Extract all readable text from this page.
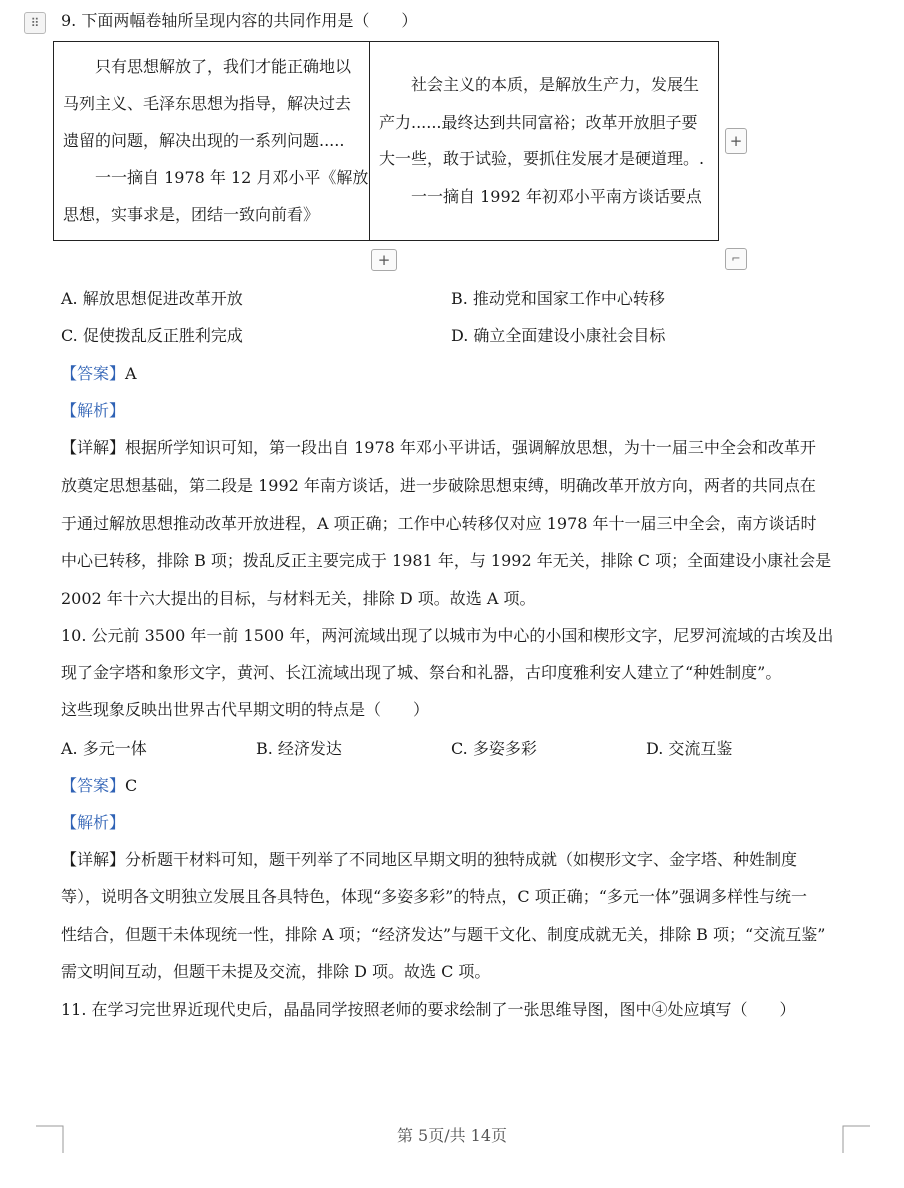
⠿	9. 下面两幅卷轴所呈现内容的共同作用是（　　）
　　只有思想解放了，我们才能正确地以
马列主义、毛泽东思想为指导，解决过去
遗留的问题，解决出现的一系列问题.....
　　一一摘自 1978 年 12 月邓小平《解放
思想，实事求是，团结一致向前看》
　　社会主义的本质，是解放生产力，发展生
产力......最终达到共同富裕；改革开放胆子要
大一些，敢于试验，要抓住发展才是硬道理。.
　　一一摘自 1992 年初邓小平南方谈话要点
+
+	⌐
A. 解放思想促进改革开放	B. 推动党和国家工作中心转移
C. 促使拨乱反正胜利完成	D. 确立全面建设小康社会目标
【答案】A
【解析】
【详解】根据所学知识可知，第一段出自 1978 年邓小平讲话，强调解放思想，为十一届三中全会和改革开
放奠定思想基础，第二段是 1992 年南方谈话，进一步破除思想束缚，明确改革开放方向，两者的共同点在
于通过解放思想推动改革开放进程，A 项正确；工作中心转移仅对应 1978 年十一届三中全会，南方谈话时
中心已转移，排除 B 项；拨乱反正主要完成于 1981 年，与 1992 年无关，排除 C 项；全面建设小康社会是
2002 年十六大提出的目标，与材料无关，排除 D 项。故选 A 项。
10. 公元前 3500 年一前 1500 年，两河流域出现了以城市为中心的小国和楔形文字，尼罗河流域的古埃及出
现了金字塔和象形文字，黄河、长江流域出现了城、祭台和礼器，古印度雅利安人建立了“种姓制度”。
这些现象反映出世界古代早期文明的特点是（　　）
A. 多元一体	B. 经济发达	C. 多姿多彩	D. 交流互鉴
【答案】C
【解析】
【详解】分析题干材料可知，题干列举了不同地区早期文明的独特成就（如楔形文字、金字塔、种姓制度
等），说明各文明独立发展且各具特色，体现“多姿多彩”的特点，C 项正确；“多元一体”强调多样性与统一
性结合，但题干未体现统一性，排除 A 项；“经济发达”与题干文化、制度成就无关，排除 B 项；“交流互鉴”
需文明间互动，但题干未提及交流，排除 D 项。故选 C 项。
11. 在学习完世界近现代史后，晶晶同学按照老师的要求绘制了一张思维导图，图中④处应填写（　　）
第 5页/共 14页
